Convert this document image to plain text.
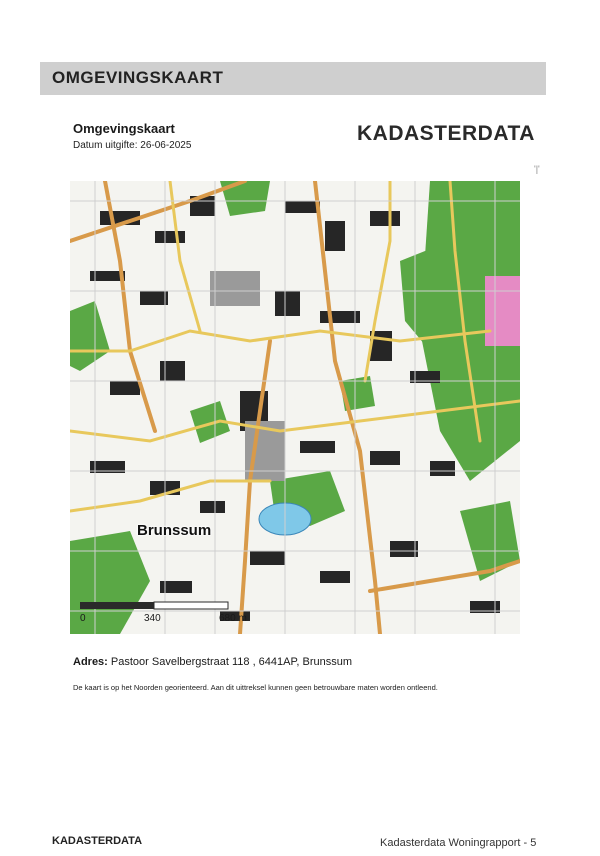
OMGEVINGSKAART
Omgevingskaart
Datum uitgifte: 26-06-2025
KADASTERDATA
'|'
Brunssum
0	340	680 m
Adres: Pastoor Savelbergstraat 118 , 6441AP, Brunssum
De kaart is op het Noorden georienteerd. Aan dit uittreksel kunnen geen betrouwbare maten worden ontleend.
KADASTERDATA	Kadasterdata Woningrapport - 5
